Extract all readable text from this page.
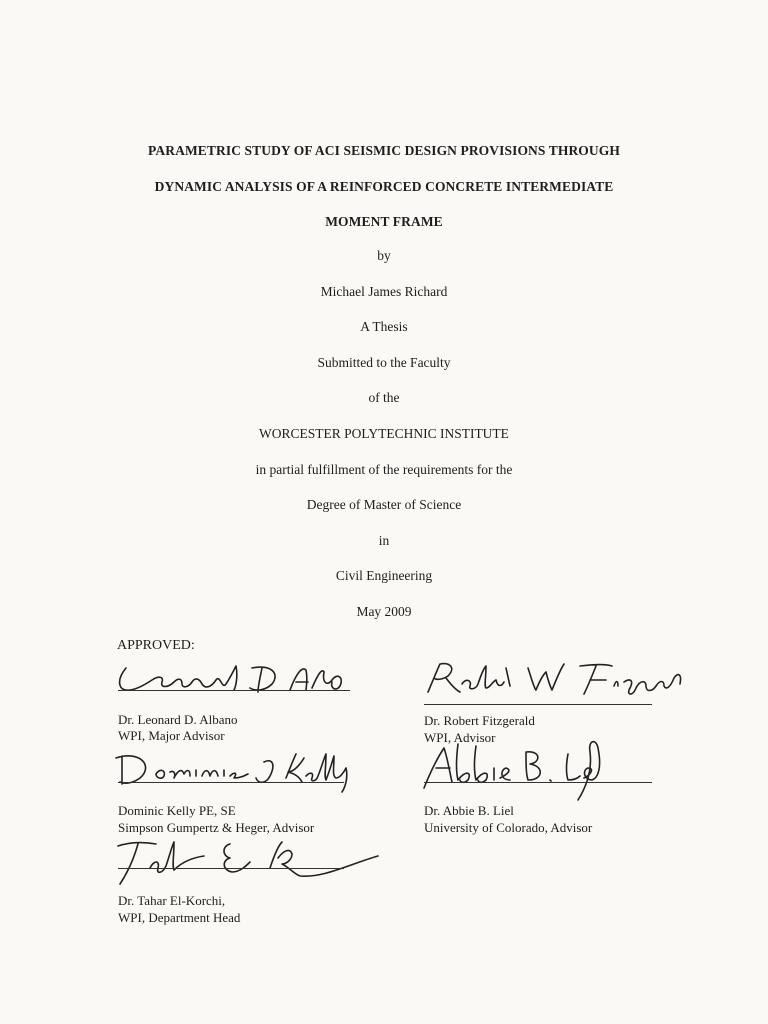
PARAMETRIC STUDY OF ACI SEISMIC DESIGN PROVISIONS THROUGH
DYNAMIC ANALYSIS OF A REINFORCED CONCRETE INTERMEDIATE
MOMENT FRAME
by
Michael James Richard
A Thesis
Submitted to the Faculty
of the
WORCESTER POLYTECHNIC INSTITUTE
in partial fulfillment of the requirements for the
Degree of Master of Science
in
Civil Engineering
May 2009
APPROVED:
Dr. Leonard D. Albano
WPI, Major Advisor
Dr. Robert Fitzgerald
WPI, Advisor
Dominic Kelly PE, SE
Simpson Gumpertz & Heger, Advisor
Dr. Abbie B. Liel
University of Colorado, Advisor
Dr. Tahar El-Korchi,
WPI, Department Head
